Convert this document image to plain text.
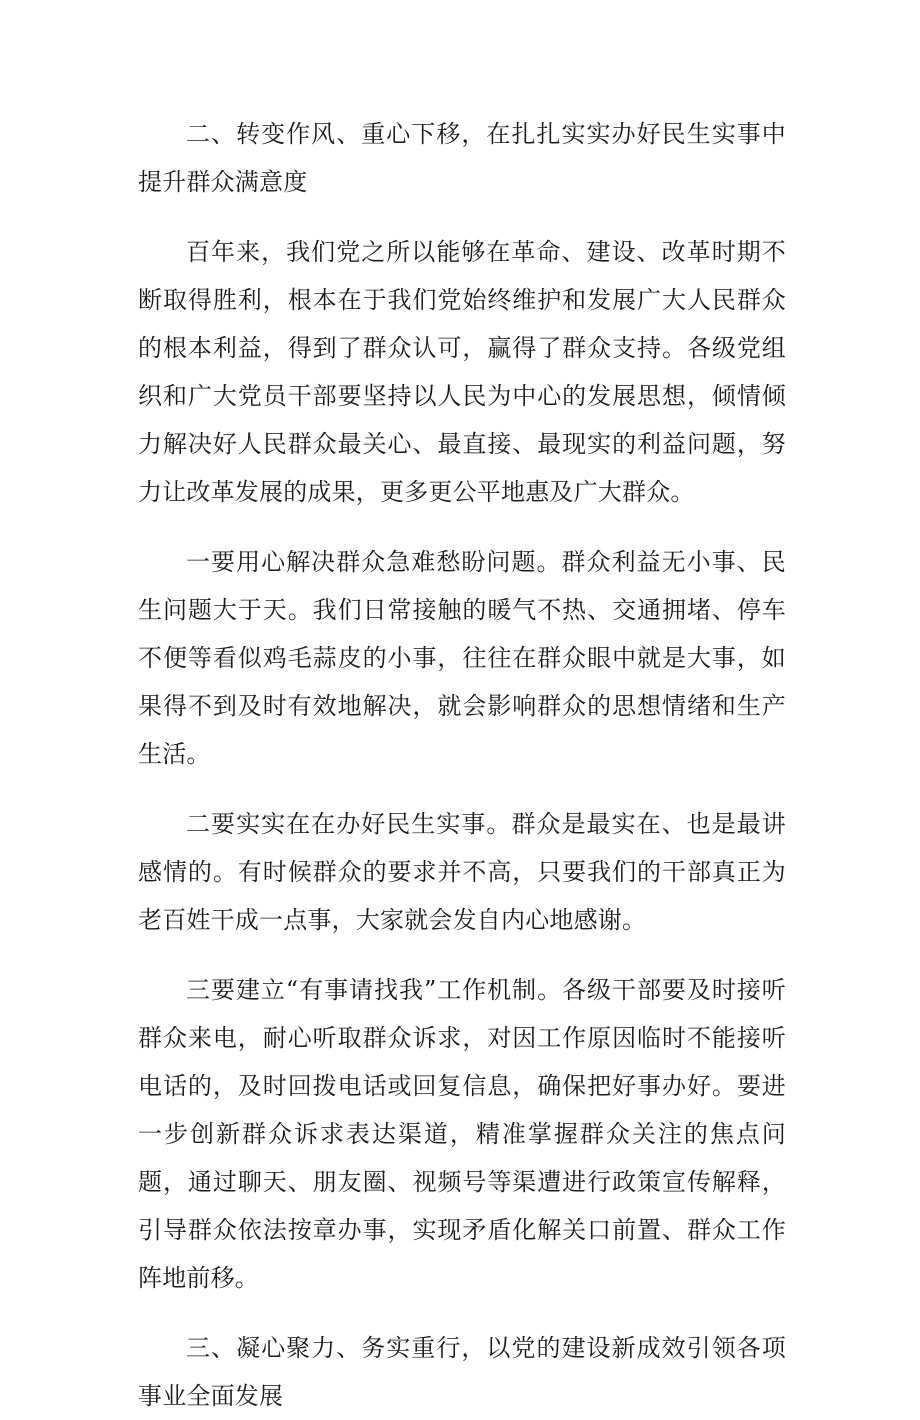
二、转变作风、重心下移，在扎扎实实办好民生实事中提升群众满意度

百年来，我们党之所以能够在革命、建设、改革时期不断取得胜利，根本在于我们党始终维护和发展广大人民群众的根本利益，得到了群众认可，赢得了群众支持。各级党组织和广大党员干部要坚持以人民为中心的发展思想，倾情倾力解决好人民群众最关心、最直接、最现实的利益问题，努力让改革发展的成果，更多更公平地惠及广大群众。

一要用心解决群众急难愁盼问题。群众利益无小事、民生问题大于天。我们日常接触的暖气不热、交通拥堵、停车不便等看似鸡毛蒜皮的小事，往往在群众眼中就是大事，如果得不到及时有效地解决，就会影响群众的思想情绪和生产生活。

二要实实在在办好民生实事。群众是最实在、也是最讲感情的。有时候群众的要求并不高，只要我们的干部真正为老百姓干成一点事，大家就会发自内心地感谢。

三要建立“有事请找我”工作机制。各级干部要及时接听群众来电，耐心听取群众诉求，对因工作原因临时不能接听电话的，及时回拨电话或回复信息，确保把好事办好。要进一步创新群众诉求表达渠道，精准掌握群众关注的焦点问题，通过聊天、朋友圈、视频号等渠遭进行政策宣传解释，引导群众依法按章办事，实现矛盾化解关口前置、群众工作阵地前移。

三、凝心聚力、务实重行，以党的建设新成效引领各项事业全面发展
